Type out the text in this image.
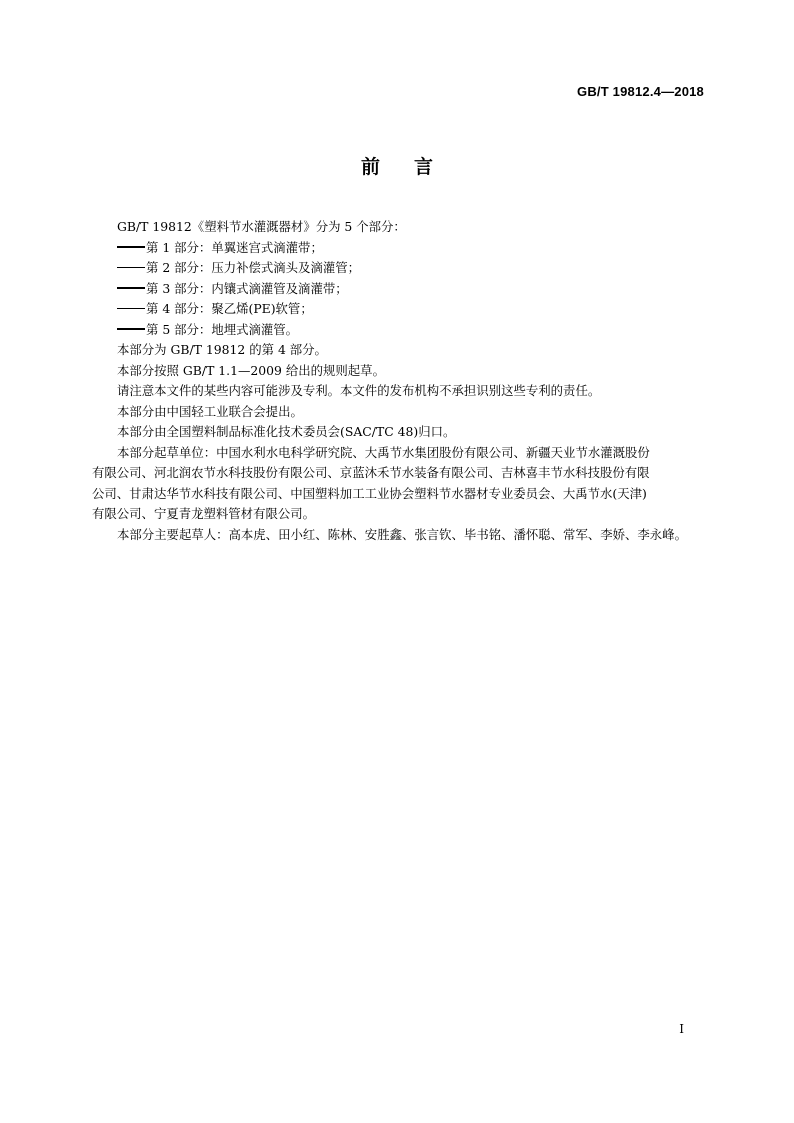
GB/T 19812.4—2018
前言

GB/T 19812《塑料节水灌溉器材》分为 5 个部分：

第 1 部分：单翼迷宫式滴灌带；

第 2 部分：压力补偿式滴头及滴灌管；

第 3 部分：内镶式滴灌管及滴灌带；

第 4 部分：聚乙烯(PE)软管；

第 5 部分：地埋式滴灌管。

本部分为 GB/T 19812 的第 4 部分。

本部分按照 GB/T 1.1—2009 给出的规则起草。

请注意本文件的某些内容可能涉及专利。本文件的发布机构不承担识别这些专利的责任。

本部分由中国轻工业联合会提出。

本部分由全国塑料制品标准化技术委员会(SAC/TC 48)归口。

本部分起草单位：中国水利水电科学研究院、大禹节水集团股份有限公司、新疆天业节水灌溉股份

有限公司、河北润农节水科技股份有限公司、京蓝沐禾节水装备有限公司、吉林喜丰节水科技股份有限

公司、甘肃达华节水科技有限公司、中国塑料加工工业协会塑料节水器材专业委员会、大禹节水(天津)

有限公司、宁夏青龙塑料管材有限公司。

本部分主要起草人：高本虎、田小红、陈林、安胜鑫、张言钦、毕书铭、潘怀聪、常军、李娇、李永峰。

I
